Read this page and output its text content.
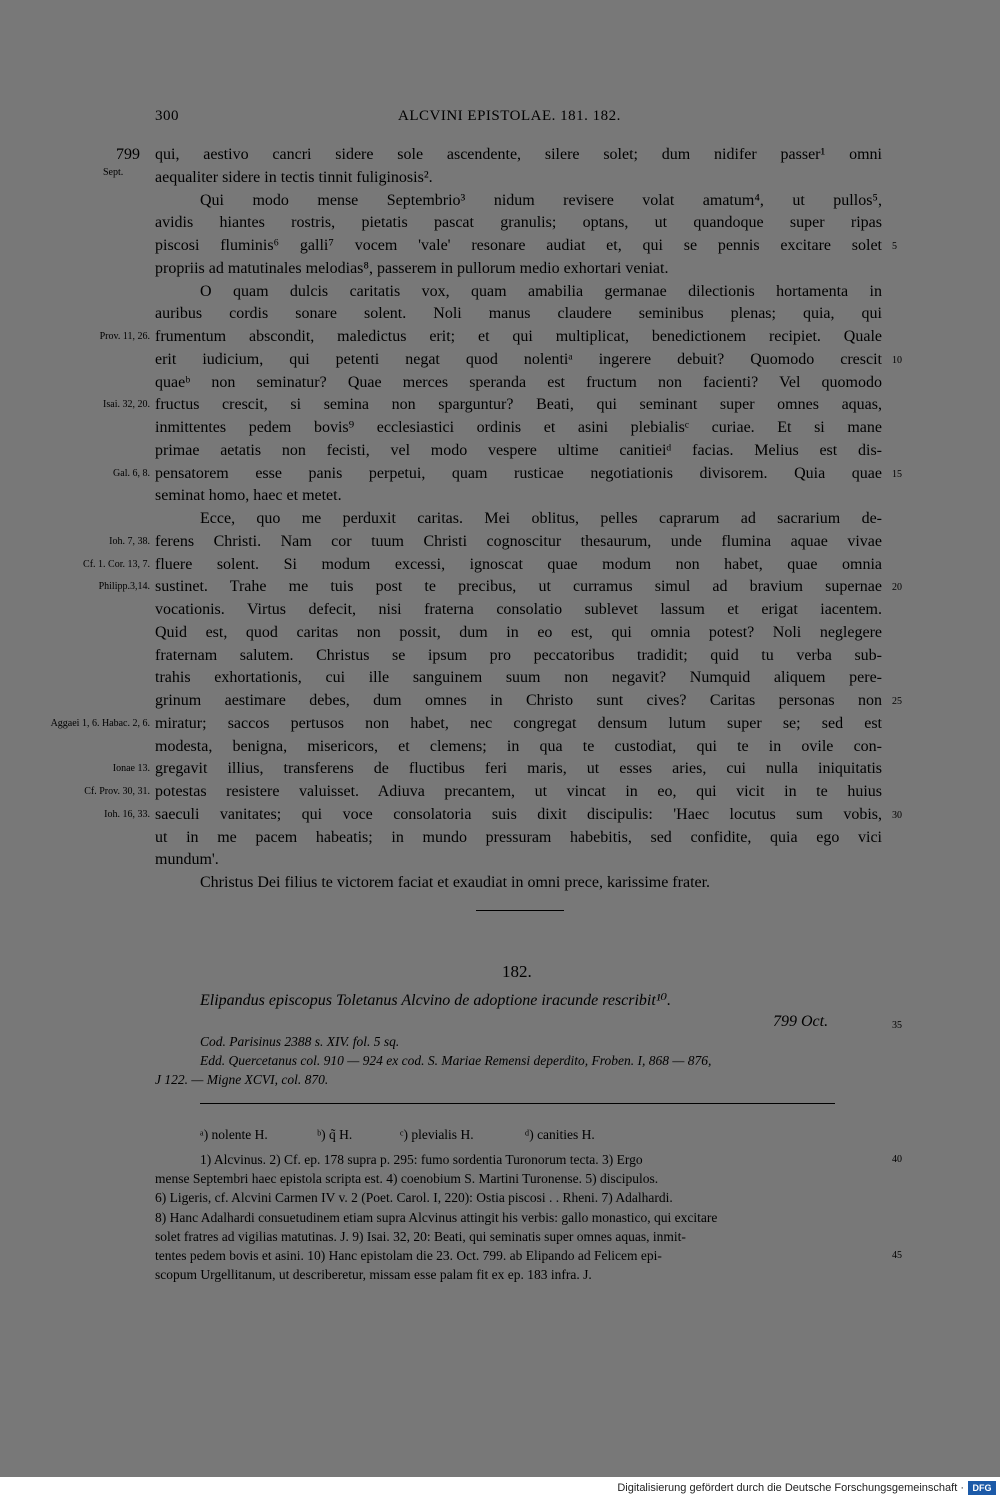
300	ALCVINI EPISTOLAE. 181. 182.
799
Sept.
qui, aestivo cancri sidere sole ascendente, silere solet; dum nidifer passer¹ omni
aequaliter sidere in tectis tinnit fuliginosis².
Qui modo mense Septembrio³ nidum revisere volat amatum⁴, ut pullos⁵,
avidis hiantes rostris, pietatis pascat granulis; optans, ut quandoque super ripas
piscosi fluminis⁶ galli⁷ vocem 'vale' resonare audiat et, qui se pennis excitare solet
propriis ad matutinales melodias⁸, passerem in pullorum medio exhortari veniat.
O quam dulcis caritatis vox, quam amabilia germanae dilectionis hortamenta in
auribus cordis sonare solent. Noli manus claudere seminibus plenas; quia, qui
frumentum abscondit, maledictus erit; et qui multiplicat, benedictionem recipiet. Quale
erit iudicium, qui petenti negat quod nolentiᵃ ingerere debuit? Quomodo crescit
quaeᵇ non seminatur? Quae merces speranda est fructum non facienti? Vel quomodo
fructus crescit, si semina non sparguntur? Beati, qui seminant super omnes aquas,
inmittentes pedem bovis⁹ ecclesiastici ordinis et asini plebialisᶜ curiae. Et si mane
primae aetatis non fecisti, vel modo vespere ultime canitieiᵈ facias. Melius est dis-
pensatorem esse panis perpetui, quam rusticae negotiationis divisorem. Quia quae
seminat homo, haec et metet.
Ecce, quo me perduxit caritas. Mei oblitus, pelles caprarum ad sacrarium de-
ferens Christi. Nam cor tuum Christi cognoscitur thesaurum, unde flumina aquae vivae
fluere solent. Si modum excessi, ignoscat quae modum non habet, quae omnia
sustinet. Trahe me tuis post te precibus, ut curramus simul ad bravium supernae
vocationis. Virtus defecit, nisi fraterna consolatio sublevet lassum et erigat iacentem.
Quid est, quod caritas non possit, dum in eo est, qui omnia potest? Noli neglegere
fraternam salutem. Christus se ipsum pro peccatoribus tradidit; quid tu verba sub-
trahis exhortationis, cui ille sanguinem suum non negavit? Numquid aliquem pere-
grinum aestimare debes, dum omnes in Christo sunt cives? Caritas personas non
miratur; saccos pertusos non habet, nec congregat densum lutum super se; sed est
modesta, benigna, misericors, et clemens; in qua te custodiat, qui te in ovile con-
gregavit illius, transferens de fluctibus feri maris, ut esses aries, cui nulla iniquitatis
potestas resistere valuisset. Adiuva precantem, ut vincat in eo, qui vicit in te huius
saeculi vanitates; qui voce consolatoria suis dixit discipulis: 'Haec locutus sum vobis,
ut in me pacem habeatis; in mundo pressuram habebitis, sed confidite, quia ego vici
mundum'.
Christus Dei filius te victorem faciat et exaudiat in omni prece, karissime frater.
Prov. 11, 26.
Isai. 32, 20.
Gal. 6, 8.
Ioh. 7, 38.
Cf. 1. Cor. 13, 7.
Philipp.3,14.
Aggaei 1, 6. Habac. 2, 6.
Ionae 13.
Cf. Prov. 30, 31.
Ioh. 16, 33.
5
10
15
20
25
30
182.
Elipandus episcopus Toletanus Alcvino de adoptione iracunde rescribit¹⁰.
799 Oct.	35
Cod. Parisinus 2388 s. XIV. fol. 5 sq.
Edd. Quercetanus col. 910 — 924 ex cod. S. Mariae Remensi deperdito, Froben. I, 868 — 876,
J 122. — Migne XCVI, col. 870.
ᵃ) nolente H.	ᵇ) q̃ H.	ᶜ) plevialis H.	ᵈ) canities H.
1) Alcvinus. 2) Cf. ep. 178 supra p. 295: fumo sordentia Turonorum tecta. 3) Ergo
mense Septembri haec epistola scripta est. 4) coenobium S. Martini Turonense. 5) discipulos.
6) Ligeris, cf. Alcvini Carmen IV v. 2 (Poet. Carol. I, 220): Ostia piscosi . . Rheni. 7) Adalhardi.
8) Hanc Adalhardi consuetudinem etiam supra Alcvinus attingit his verbis: gallo monastico, qui excitare
solet fratres ad vigilias matutinas. J. 9) Isai. 32, 20: Beati, qui seminatis super omnes aquas, inmit-
tentes pedem bovis et asini. 10) Hanc epistolam die 23. Oct. 799. ab Elipando ad Felicem epi-
scopum Urgellitanum, ut describeretur, missam esse palam fit ex ep. 183 infra. J.
40
45
Digitalisierung gefördert durch die Deutsche Forschungsgemeinschaft · DFG
